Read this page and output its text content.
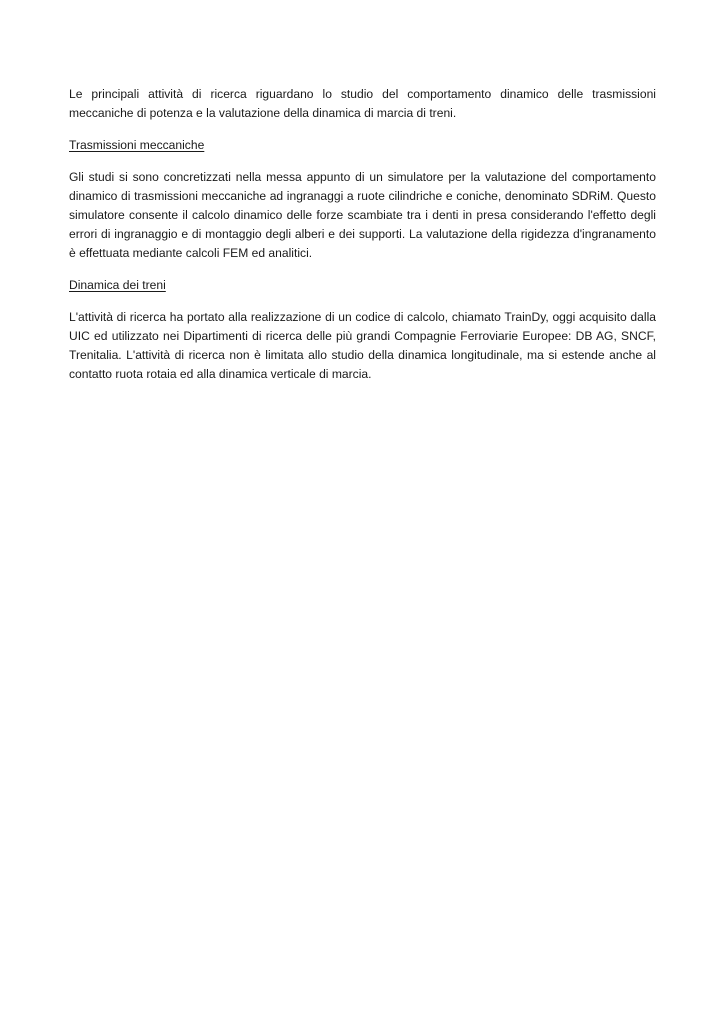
Le principali attività di ricerca riguardano lo studio del comportamento dinamico delle trasmissioni meccaniche di potenza e la valutazione della dinamica di marcia di treni.

Trasmissioni meccaniche

Gli studi si sono concretizzati nella messa appunto di un simulatore per la valutazione del comportamento dinamico di trasmissioni meccaniche ad ingranaggi a ruote cilindriche e coniche, denominato SDRiM. Questo simulatore consente il calcolo dinamico delle forze scambiate tra i denti in presa considerando l'effetto degli errori di ingranaggio e di montaggio degli alberi e dei supporti. La valutazione della rigidezza d'ingranamento è effettuata mediante calcoli FEM ed analitici.

Dinamica dei treni

L'attività di ricerca ha portato alla realizzazione di un codice di calcolo, chiamato TrainDy, oggi acquisito dalla UIC ed utilizzato nei Dipartimenti di ricerca delle più grandi Compagnie Ferroviarie Europee: DB AG, SNCF, Trenitalia. L'attività di ricerca non è limitata allo studio della dinamica longitudinale, ma si estende anche al contatto ruota rotaia ed alla dinamica verticale di marcia.
